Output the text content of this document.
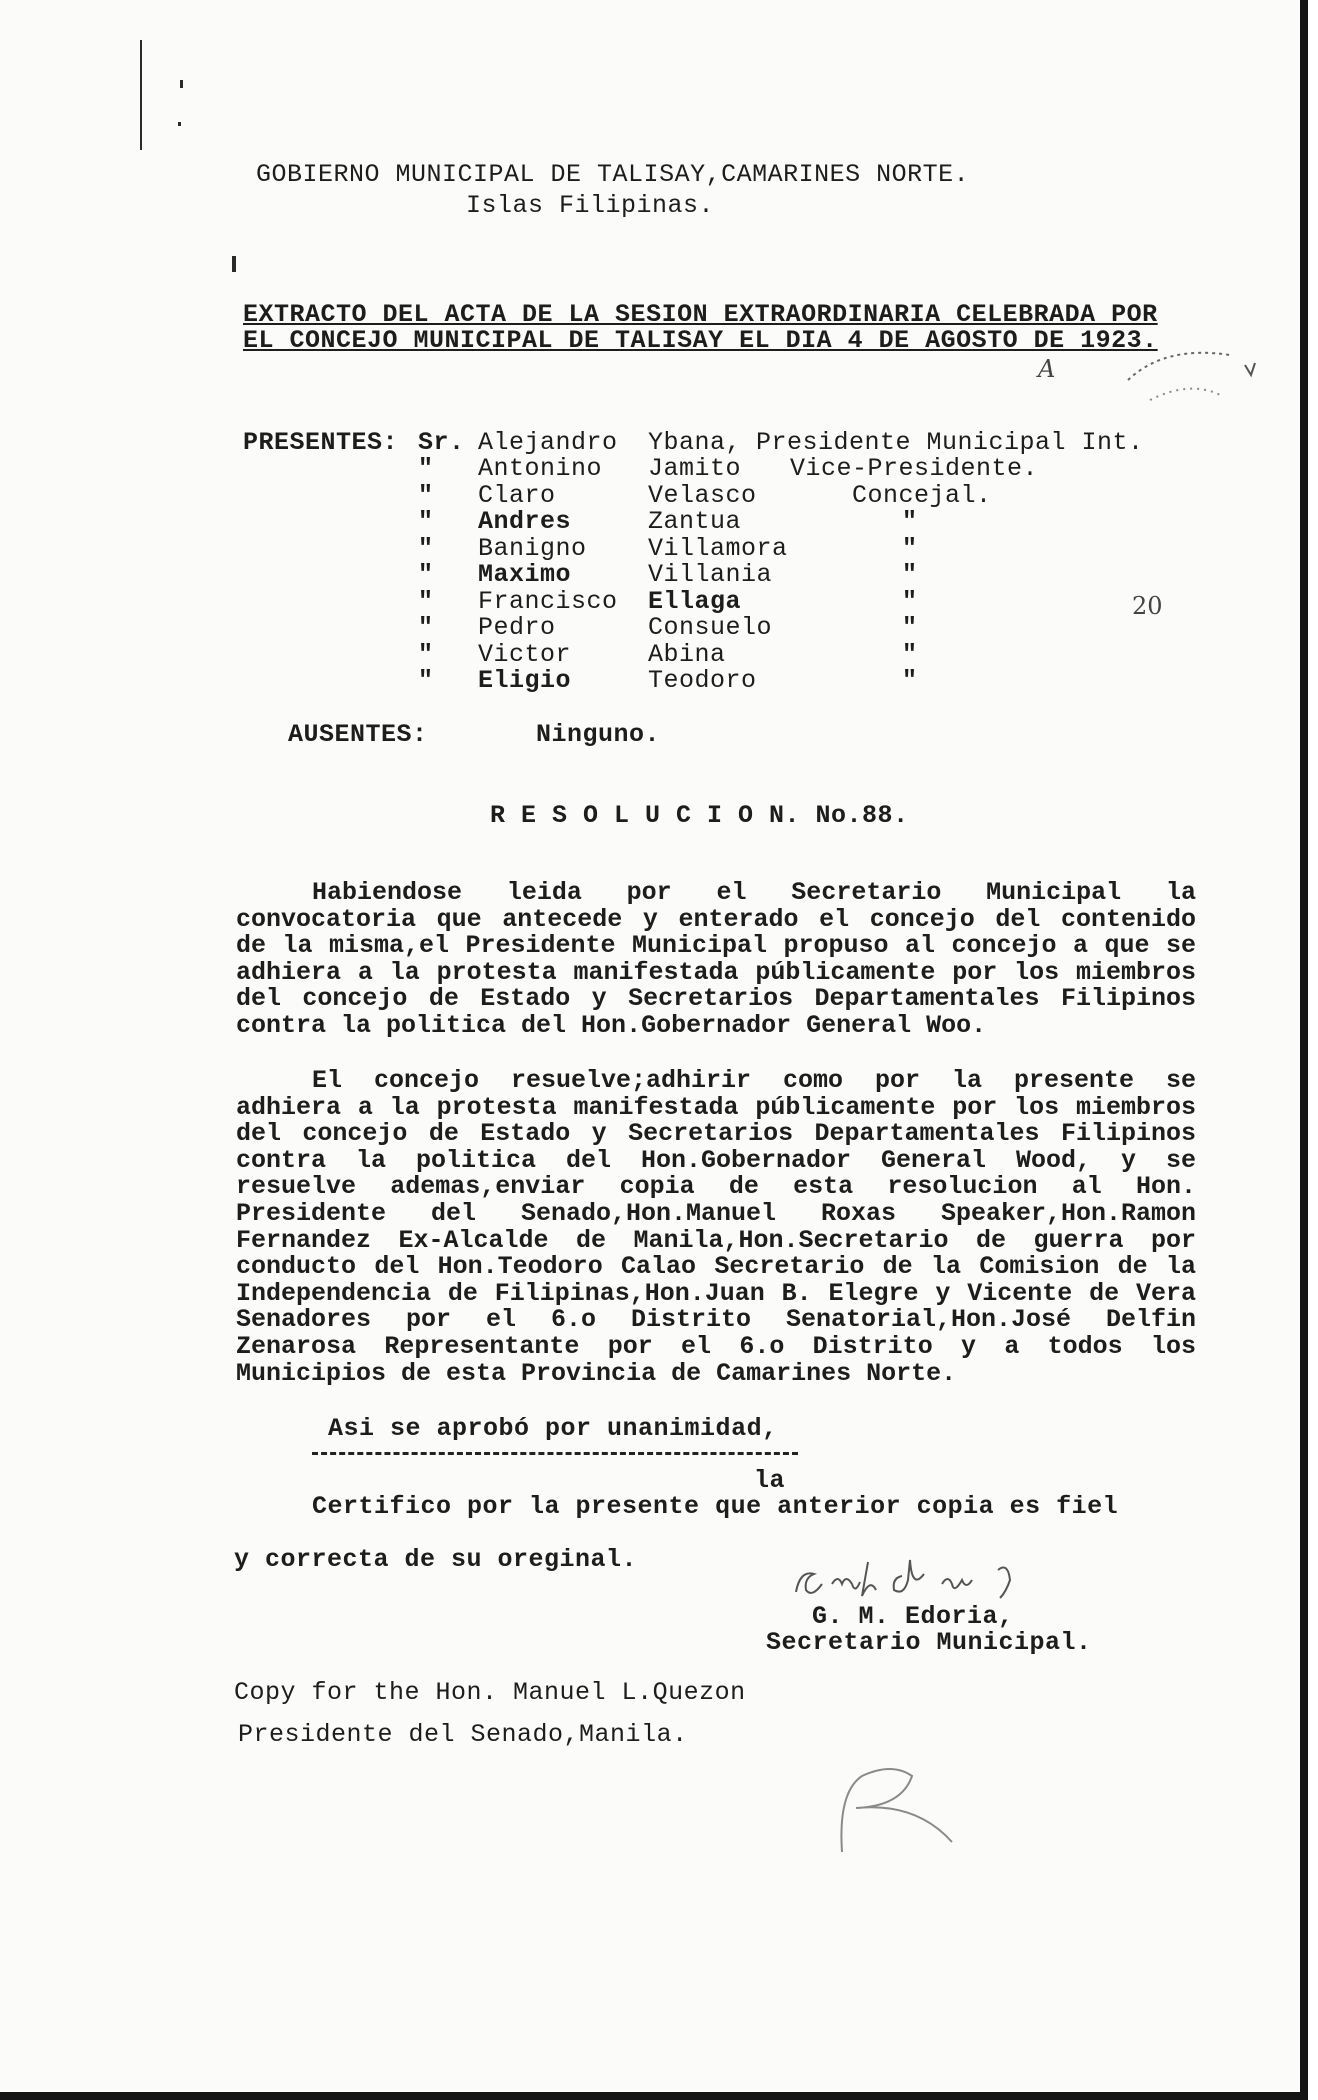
GOBIERNO MUNICIPAL DE TALISAY,CAMARINES NORTE.
Islas Filipinas.
EXTRACTO DEL ACTA DE LA SESION EXTRAORDINARIA CELEBRADA POR
EL CONCEJO MUNICIPAL DE TALISAY EL DIA 4 DE AGOSTO DE 1923.
A
PRESENTES: Sr. Alejandro Ybana, Presidente Municipal Int.
" Antonino Jamito Vice-Presidente.
" Claro	Velasco	Concejal.
" Andres	Zantua	"
" Banigno Villamora	"
" Maximo	Villania	"
" Francisco Ellaga	"
" Pedro	Consuelo	"
" Victor	Abina	"
" Eligio	Teodoro	"
20
AUSENTES:	Ninguno.
R E S O L U C I O N. No.88.
Habiendose leida por el Secretario Municipal la convocatoria que antecede y enterado el concejo del contenido de la misma,el Presidente Municipal propuso al concejo a que se adhiera a la protesta manifestada públicamente por los miembros del concejo de Estado y Secretarios Departamentales Filipinos contra la politica del Hon.Gobernador General Woo.
El concejo resuelve;adhirir como por la presente se adhiera a la protesta manifestada públicamente por los miembros del concejo de Estado y Secretarios Departamentales Filipinos contra la politica del Hon.Gobernador General Wood, y se resuelve ademas,enviar copia de esta resolucion al Hon. Presidente del Senado,Hon.Manuel Roxas Speaker,Hon.Ramon Fernandez Ex-Alcalde de Manila,Hon.Secretario de guerra por conducto del Hon.Teodoro Calao Secretario de la Comision de la Independencia de Filipinas,Hon.Juan B. Elegre y Vicente de Vera Senadores por el 6.o Distrito Senatorial,Hon.José Delfin Zenarosa Representante por el 6.o Distrito y a todos los Municipios de esta Provincia de Camarines Norte.
Asi se aprobó por unanimidad,
la
Certifico por la presente que anterior copia es fiel
y correcta de su oreginal.
G. M. Edoria,
Secretario Municipal.
Copy for the Hon. Manuel L.Quezon
Presidente del Senado,Manila.
